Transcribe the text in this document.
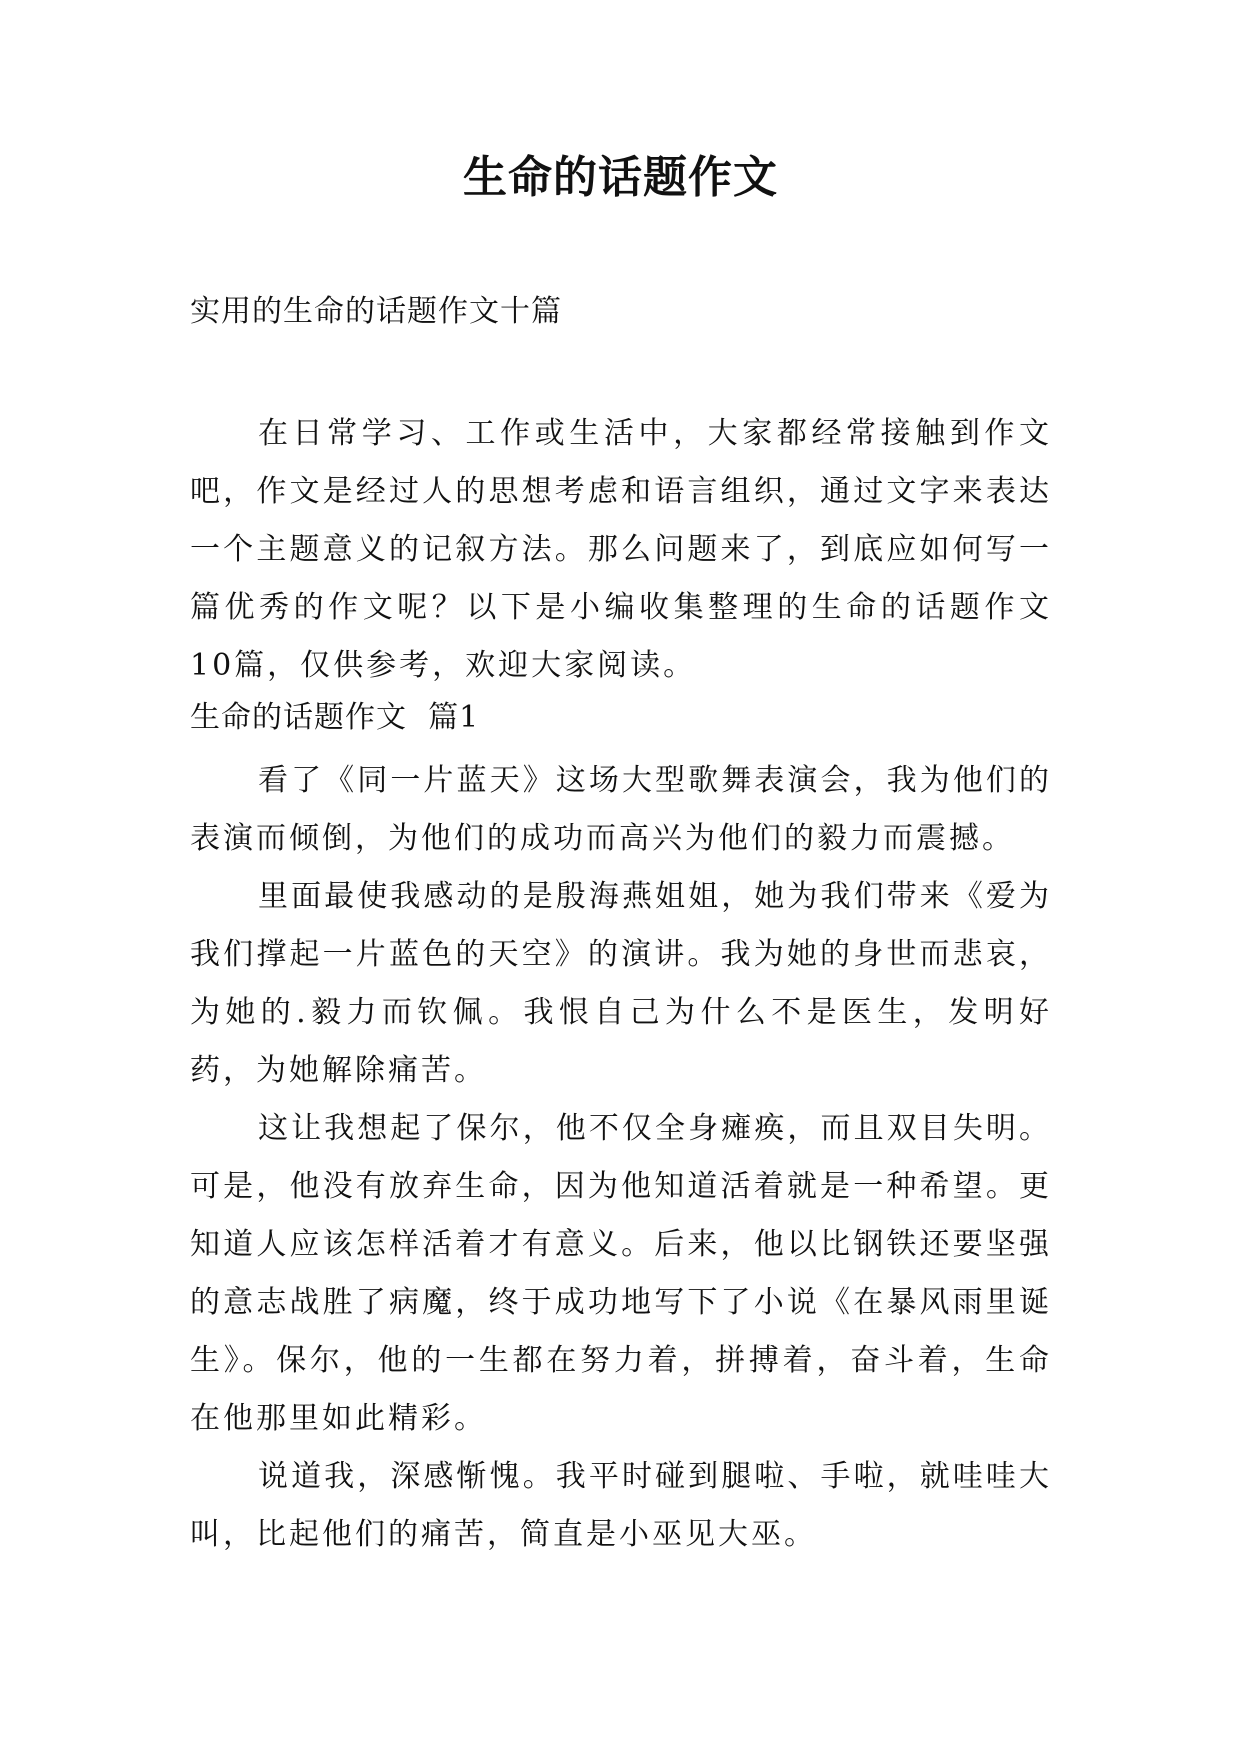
生命的话题作文
实用的生命的话题作文十篇

在日常学习、工作或生活中，大家都经常接触到作文吧，作文是经过人的思想考虑和语言组织，通过文字来表达一个主题意义的记叙方法。那么问题来了，到底应如何写一篇优秀的作文呢？以下是小编收集整理的生命的话题作文10篇，仅供参考，欢迎大家阅读。

生命的话题作文  篇1

看了《同一片蓝天》这场大型歌舞表演会，我为他们的表演而倾倒，为他们的成功而高兴为他们的毅力而震撼。

里面最使我感动的是殷海燕姐姐，她为我们带来《爱为我们撑起一片蓝色的天空》的演讲。我为她的身世而悲哀，为她的.毅力而钦佩。我恨自己为什么不是医生，发明好药，为她解除痛苦。

这让我想起了保尔，他不仅全身瘫痪，而且双目失明。可是，他没有放弃生命，因为他知道活着就是一种希望。更知道人应该怎样活着才有意义。后来，他以比钢铁还要坚强的意志战胜了病魔，终于成功地写下了小说《在暴风雨里诞生》。保尔，他的一生都在努力着，拼搏着，奋斗着，生命在他那里如此精彩。

说道我，深感惭愧。我平时碰到腿啦、手啦，就哇哇大叫，比起他们的痛苦，简直是小巫见大巫。
